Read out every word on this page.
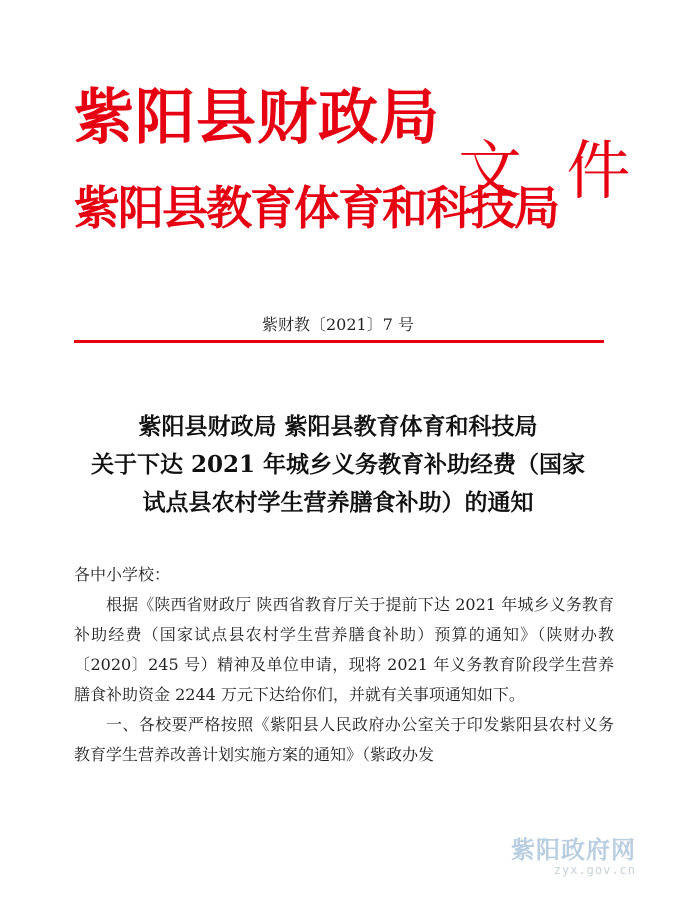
紫阳县财政局
紫阳县教育体育和科技局
文 件
紫财教〔2021〕7 号
紫阳县财政局 紫阳县教育体育和科技局
关于下达 2021 年城乡义务教育补助经费（国家
试点县农村学生营养膳食补助）的通知

各中小学校：

根据《陕西省财政厅 陕西省教育厅关于提前下达 2021 年城乡义务教育补助经费（国家试点县农村学生营养膳食补助）预算的通知》（陕财办教〔2020〕245 号）精神及单位申请，现将 2021 年义务教育阶段学生营养膳食补助资金 2244 万元下达给你们，并就有关事项通知如下。

一、各校要严格按照《紫阳县人民政府办公室关于印发紫阳县农村义务教育学生营养改善计划实施方案的通知》（紫政办发

紫阳政府网
zyx.gov.cn
